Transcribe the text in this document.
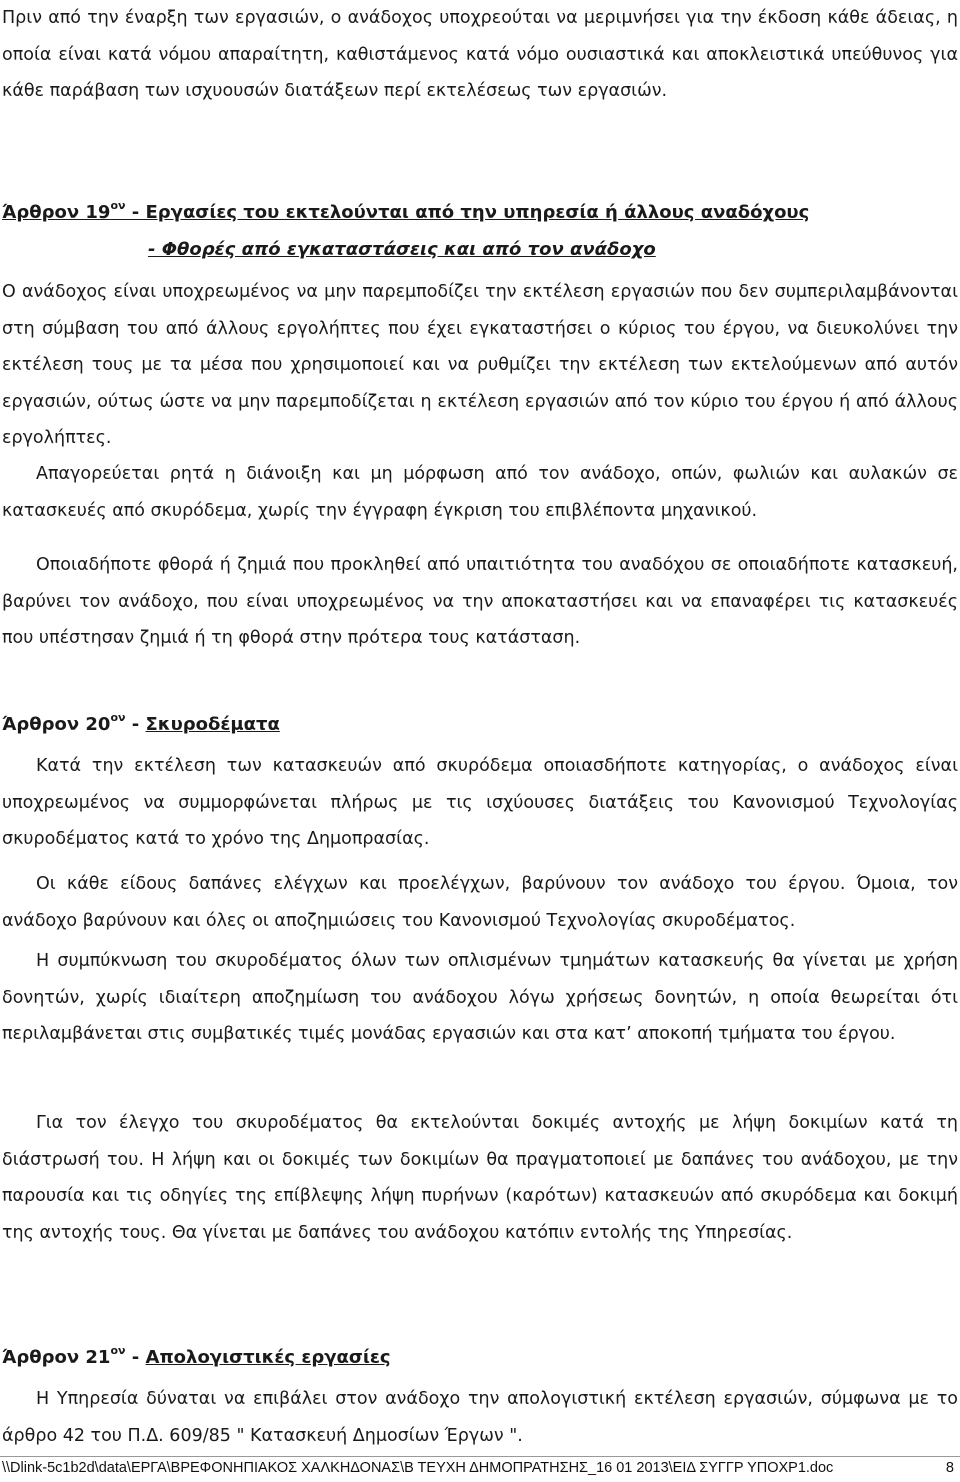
Πριν από την έναρξη των εργασιών, ο ανάδοχος υποχρεούται να μεριμνήσει για την έκδοση κάθε άδειας, η οποία είναι κατά νόμου απαραίτητη, καθιστάμενος κατά νόμο ουσιαστικά και αποκλειστικά υπεύθυνος για κάθε παράβαση των ισχυουσών διατάξεων περί εκτελέσεως των εργασιών.

Άρθρον $19^{o\nu}$ - Εργασίες του εκτελούνται από την υπηρεσία ή άλλους αναδόχους
- Φθορές από εγκαταστάσεις και από τον ανάδοχο

Ο ανάδοχος είναι υποχρεωμένος να μην παρεμποδίζει την εκτέλεση εργασιών που δεν συμπεριλαμβάνονται στη σύμβαση του από άλλους εργολήπτες που έχει εγκαταστήσει ο κύριος του έργου, να διευκολύνει την εκτέλεση τους με τα μέσα που χρησιμοποιεί και να ρυθμίζει την εκτέλεση των εκτελούμενων από αυτόν εργασιών, ούτως ώστε να μην παρεμποδίζεται η εκτέλεση εργασιών από τον κύριο του έργου ή από άλλους εργολήπτες.

Απαγορεύεται ρητά η διάνοιξη και μη μόρφωση από τον ανάδοχο, οπών, φωλιών και αυλακών σε κατασκευές από σκυρόδεμα, χωρίς την έγγραφη έγκριση του επιβλέποντα μηχανικού.

Οποιαδήποτε φθορά ή ζημιά που προκληθεί από υπαιτιότητα του αναδόχου σε οποιαδήποτε κατασκευή, βαρύνει τον ανάδοχο, που είναι υποχρεωμένος να την αποκαταστήσει και να επαναφέρει τις κατασκευές που υπέστησαν ζημιά ή τη φθορά στην πρότερα τους κατάσταση.

Άρθρον $20^{o\nu}$ - Σκυροδέματα

Κατά την εκτέλεση των κατασκευών από σκυρόδεμα οποιασδήποτε κατηγορίας, ο ανάδοχος είναι υποχρεωμένος να συμμορφώνεται πλήρως με τις ισχύουσες διατάξεις του Κανονισμού Τεχνολογίας σκυροδέματος κατά το χρόνο της Δημοπρασίας.

Οι κάθε είδους δαπάνες ελέγχων και προελέγχων, βαρύνουν τον ανάδοχο του έργου. Όμοια, τον ανάδοχο βαρύνουν και όλες οι αποζημιώσεις του Κανονισμού Τεχνολογίας σκυροδέματος.

Η συμπύκνωση του σκυροδέματος όλων των οπλισμένων τμημάτων κατασκευής θα γίνεται με χρήση δονητών, χωρίς ιδιαίτερη αποζημίωση του ανάδοχου λόγω χρήσεως δονητών, η οποία θεωρείται ότι περιλαμβάνεται στις συμβατικές τιμές μονάδας εργασιών και στα κατ’ αποκοπή τμήματα του έργου.

Για τον έλεγχο του σκυροδέματος θα εκτελούνται δοκιμές αντοχής με λήψη δοκιμίων κατά τη διάστρωσή του. Η λήψη και οι δοκιμές των δοκιμίων θα πραγματοποιεί με δαπάνες του ανάδοχου, με την παρουσία και τις οδηγίες της επίβλεψης λήψη πυρήνων (καρότων) κατασκευών από σκυρόδεμα και δοκιμή της αντοχής τους. Θα γίνεται με δαπάνες του ανάδοχου κατόπιν εντολής της Υπηρεσίας.

Άρθρον $21^{o\nu}$ - Απολογιστικές εργασίες

Η Υπηρεσία δύναται να επιβάλει στον ανάδοχο την απολογιστική εκτέλεση εργασιών, σύμφωνα με το άρθρο 42 του Π.Δ. 609/85 " Κατασκευή Δημοσίων Έργων ".

\\Dlink-5c1b2d\data\ΕΡΓΑ\ΒΡΕΦΟΝΗΠΙΑΚΟΣ ΧΑΛΚΗΔΟΝΑΣ\Β ΤΕΥΧΗ ΔΗΜΟΠΡΑΤΗΣΗΣ_16 01 2013\ΕΙΔ ΣΥΓΓΡ ΥΠΟΧΡ1.doc	8
